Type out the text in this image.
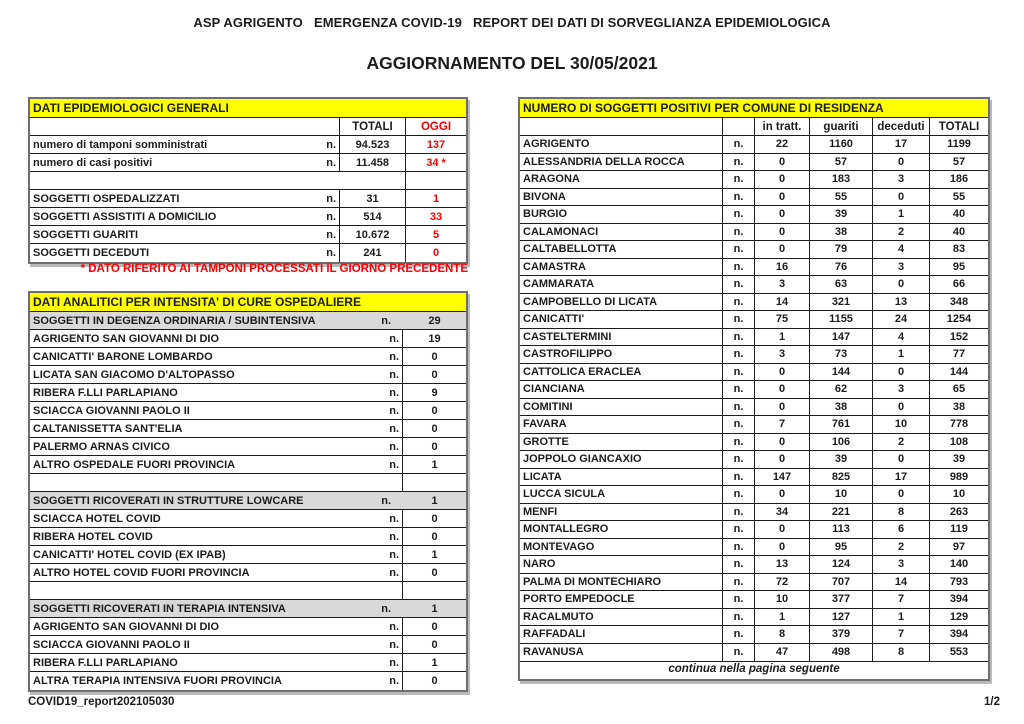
ASP AGRIGENTO   EMERGENZA COVID-19   REPORT DEI DATI DI SORVEGLIANZA EPIDEMIOLOGICA
AGGIORNAMENTO DEL 30/05/2021
DATI EPIDEMIOLOGICI GENERALI
TOTALI	OGGI
numero di tamponi somministrati	n.	94.523	137
numero di casi positivi	n.	11.458	34 *
SOGGETTI OSPEDALIZZATI	n.	31	1
SOGGETTI ASSISTITI A DOMICILIO	n.	514	33
SOGGETTI GUARITI	n.	10.672	5
SOGGETTI DECEDUTI	n.	241	0
* DATO RIFERITO AI TAMPONI PROCESSATI IL GIORNO PRECEDENTE
DATI ANALITICI PER INTENSITA' DI CURE OSPEDALIERE
SOGGETTI IN DEGENZA ORDINARIA / SUBINTENSIVA	n.	29
AGRIGENTO SAN GIOVANNI DI DIO	n.	19
CANICATTI' BARONE LOMBARDO	n.	0
LICATA SAN GIACOMO D'ALTOPASSO	n.	0
RIBERA F.LLI PARLAPIANO	n.	9
SCIACCA GIOVANNI PAOLO II	n.	0
CALTANISSETTA SANT'ELIA	n.	0
PALERMO ARNAS CIVICO	n.	0
ALTRO OSPEDALE FUORI PROVINCIA	n.	1
SOGGETTI RICOVERATI IN STRUTTURE LOWCARE	n.	1
SCIACCA HOTEL COVID	n.	0
RIBERA HOTEL COVID	n.	0
CANICATTI' HOTEL COVID (EX IPAB)	n.	1
ALTRO HOTEL COVID FUORI PROVINCIA	n.	0
SOGGETTI RICOVERATI IN TERAPIA INTENSIVA	n.	1
AGRIGENTO SAN GIOVANNI DI DIO	n.	0
SCIACCA GIOVANNI PAOLO II	n.	0
RIBERA F.LLI PARLAPIANO	n.	1
ALTRA TERAPIA INTENSIVA FUORI PROVINCIA	n.	0
NUMERO DI SOGGETTI POSITIVI PER COMUNE DI RESIDENZA
in tratt.	guariti	deceduti	TOTALI
AGRIGENTO	n.	22	1160	17	1199
ALESSANDRIA DELLA ROCCA	n.	0	57	0	57
ARAGONA	n.	0	183	3	186
BIVONA	n.	0	55	0	55
BURGIO	n.	0	39	1	40
CALAMONACI	n.	0	38	2	40
CALTABELLOTTA	n.	0	79	4	83
CAMASTRA	n.	16	76	3	95
CAMMARATA	n.	3	63	0	66
CAMPOBELLO DI LICATA	n.	14	321	13	348
CANICATTI'	n.	75	1155	24	1254
CASTELTERMINI	n.	1	147	4	152
CASTROFILIPPO	n.	3	73	1	77
CATTOLICA ERACLEA	n.	0	144	0	144
CIANCIANA	n.	0	62	3	65
COMITINI	n.	0	38	0	38
FAVARA	n.	7	761	10	778
GROTTE	n.	0	106	2	108
JOPPOLO GIANCAXIO	n.	0	39	0	39
LICATA	n.	147	825	17	989
LUCCA SICULA	n.	0	10	0	10
MENFI	n.	34	221	8	263
MONTALLEGRO	n.	0	113	6	119
MONTEVAGO	n.	0	95	2	97
NARO	n.	13	124	3	140
PALMA DI MONTECHIARO	n.	72	707	14	793
PORTO EMPEDOCLE	n.	10	377	7	394
RACALMUTO	n.	1	127	1	129
RAFFADALI	n.	8	379	7	394
RAVANUSA	n.	47	498	8	553
continua nella pagina seguente
COVID19_report202105030	1/2
